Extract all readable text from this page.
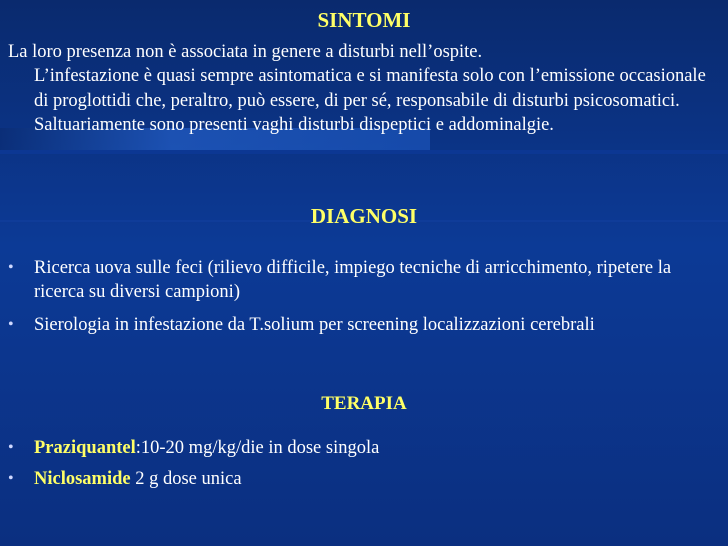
SINTOMI
La loro presenza non è associata in genere a disturbi nell’ospite.
L’infestazione è quasi sempre asintomatica e si manifesta solo con l’emissione occasionale di proglottidi che, peraltro, può essere, di per sé, responsabile di disturbi psicosomatici. Saltuariamente sono presenti vaghi disturbi dispeptici e addominalgie.
DIAGNOSI
• Ricerca uova sulle feci (rilievo difficile, impiego tecniche di arricchimento, ripetere la ricerca su diversi campioni)
• Sierologia in infestazione da T.solium per screening localizzazioni cerebrali
TERAPIA
• Praziquantel:10-20 mg/kg/die in dose singola
• Niclosamide 2 g dose unica
